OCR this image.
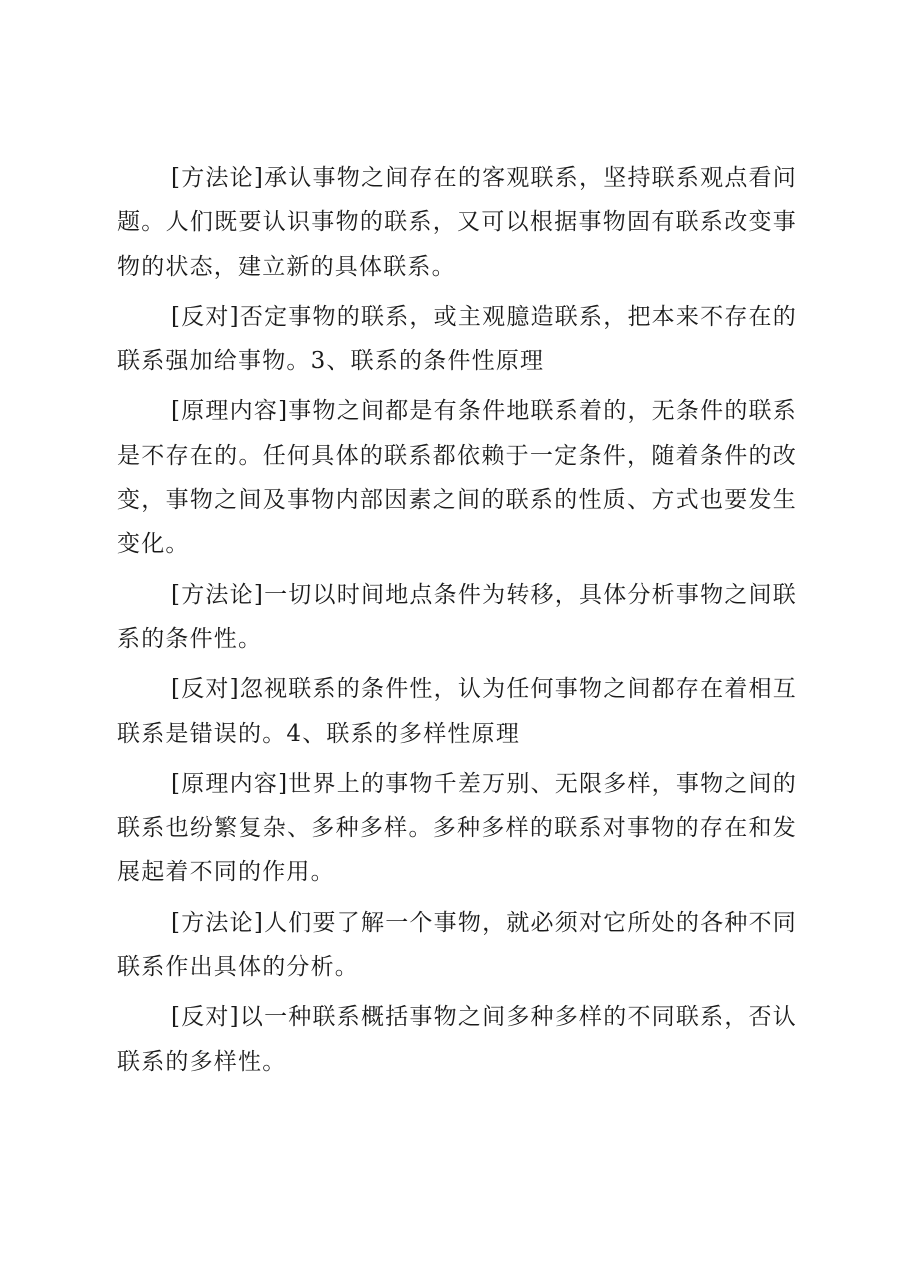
[方法论]承认事物之间存在的客观联系，坚持联系观点看问题。人们既要认识事物的联系，又可以根据事物固有联系改变事物的状态，建立新的具体联系。

[反对]否定事物的联系，或主观臆造联系，把本来不存在的联系强加给事物。3、联系的条件性原理

[原理内容]事物之间都是有条件地联系着的，无条件的联系是不存在的。任何具体的联系都依赖于一定条件，随着条件的改变，事物之间及事物内部因素之间的联系的性质、方式也要发生变化。

[方法论]一切以时间地点条件为转移，具体分析事物之间联系的条件性。

[反对]忽视联系的条件性，认为任何事物之间都存在着相互联系是错误的。4、联系的多样性原理

[原理内容]世界上的事物千差万别、无限多样，事物之间的联系也纷繁复杂、多种多样。多种多样的联系对事物的存在和发展起着不同的作用。

[方法论]人们要了解一个事物，就必须对它所处的各种不同联系作出具体的分析。

[反对]以一种联系概括事物之间多种多样的不同联系，否认联系的多样性。
